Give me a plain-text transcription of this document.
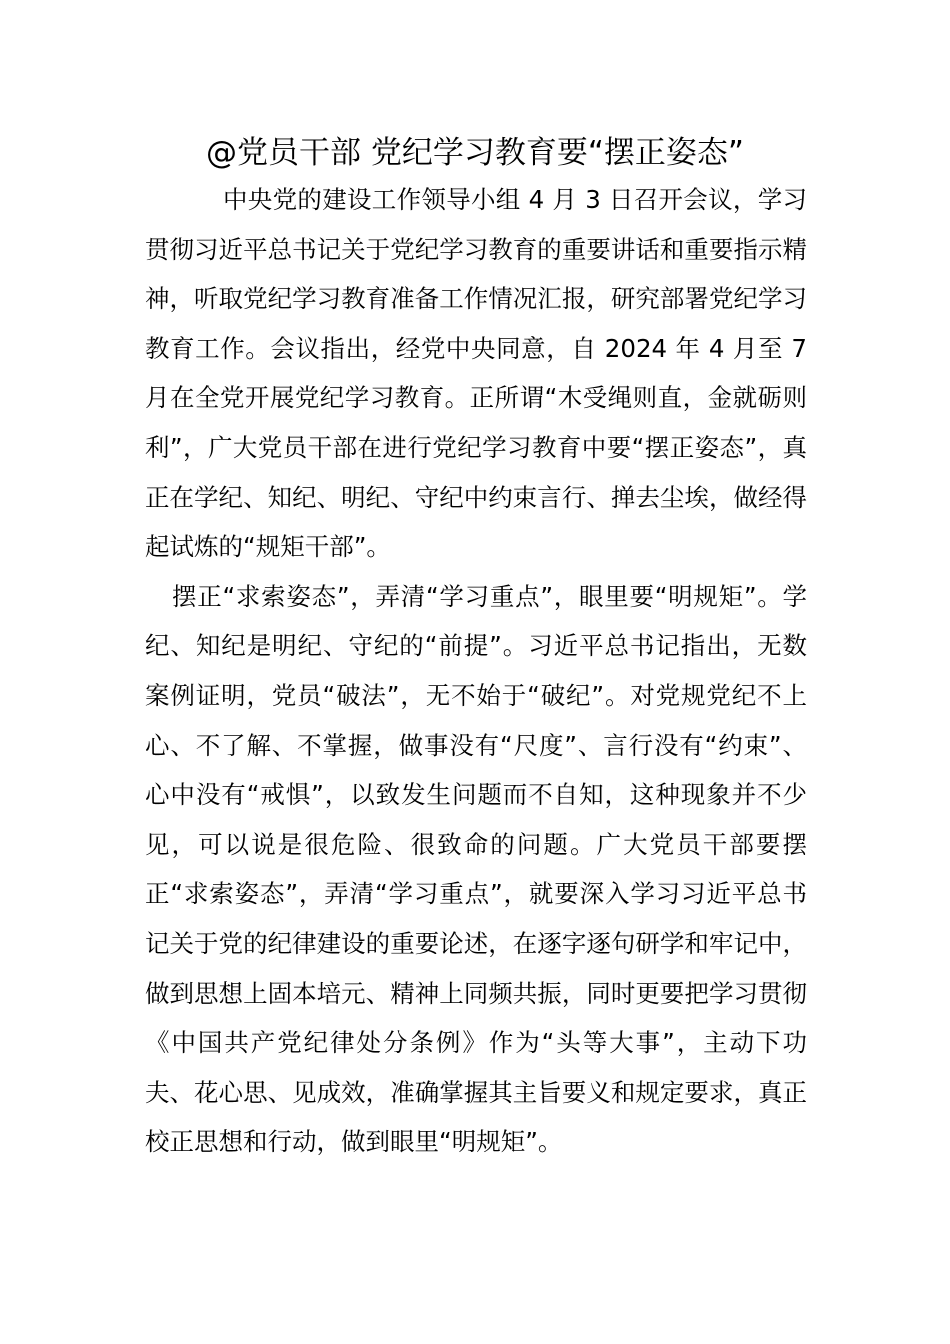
@党员干部 党纪学习教育要“摆正姿态”

中央党的建设工作领导小组 4 月 3 日召开会议，学习贯彻习近平总书记关于党纪学习教育的重要讲话和重要指示精神，听取党纪学习教育准备工作情况汇报，研究部署党纪学习教育工作。会议指出，经党中央同意，自 2024 年 4 月至 7 月在全党开展党纪学习教育。正所谓“木受绳则直，金就砺则利”，广大党员干部在进行党纪学习教育中要“摆正姿态”，真正在学纪、知纪、明纪、守纪中约束言行、掸去尘埃，做经得起试炼的“规矩干部”。

摆正“求索姿态”，弄清“学习重点”，眼里要“明规矩”。学纪、知纪是明纪、守纪的“前提”。习近平总书记指出，无数案例证明，党员“破法”，无不始于“破纪”。对党规党纪不上心、不了解、不掌握，做事没有“尺度”、言行没有“约束”、心中没有“戒惧”，以致发生问题而不自知，这种现象并不少见，可以说是很危险、很致命的问题。广大党员干部要摆正“求索姿态”，弄清“学习重点”，就要深入学习习近平总书记关于党的纪律建设的重要论述，在逐字逐句研学和牢记中，做到思想上固本培元、精神上同频共振，同时更要把学习贯彻《中国共产党纪律处分条例》作为“头等大事”，主动下功夫、花心思、见成效，准确掌握其主旨要义和规定要求，真正校正思想和行动，做到眼里“明规矩”。
